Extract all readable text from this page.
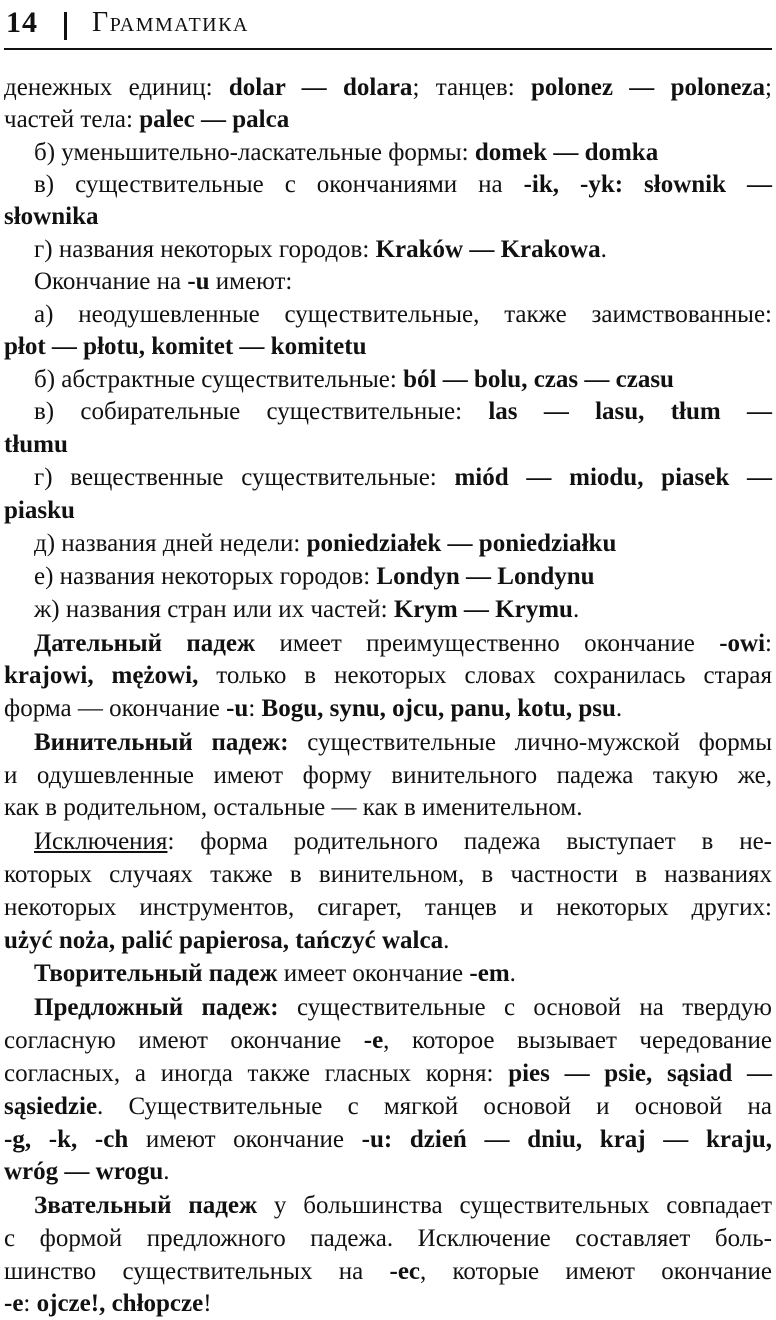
14 Грамматика
денежных единиц: dolar — dolara; танцев: polonez — poloneza;
частей тела: palec — palca
б) уменьшительно-ласкательные формы: domek — domka
в) существительные с окончаниями на -ik, -yk: słownik —
słownika
г) названия некоторых городов: Kraków — Krakowa.
Окончание на -u имеют:
а) неодушевленные существительные, также заимствованные:
płot — płotu, komitet — komitetu
б) абстрактные существительные: ból — bolu, czas — czasu
в) собирательные существительные: las — lasu, tłum —
tłumu
г) вещественные существительные: miód — miodu, piasek —
piasku
д) названия дней недели: poniedziałek — poniedziałku
е) названия некоторых городов: Londyn — Londynu
ж) названия стран или их частей: Krym — Krymu.
Дательный падеж имеет преимущественно окончание -owi:
krajowi, mężowi, только в некоторых словах сохранилась старая
форма — окончание -u: Bogu, synu, ojcu, panu, kotu, psu.
Винительный падеж: существительные лично-мужской формы
и одушевленные имеют форму винительного падежа такую же,
как в родительном, остальные — как в именительном.
Исключения: форма родительного падежа выступает в не-
которых случаях также в винительном, в частности в названиях
некоторых инструментов, сигарет, танцев и некоторых других:
użyć noża, palić papierosa, tańczyć walca.
Творительный падеж имеет окончание -em.
Предложный падеж: существительные с основой на твердую
согласную имеют окончание -e, которое вызывает чередование
согласных, а иногда также гласных корня: pies — psie, sąsiad —
sąsiedzie. Существительные с мягкой основой и основой на
-g, -k, -ch имеют окончание -u: dzień — dniu, kraj — kraju,
wróg — wrogu.
Звательный падеж у большинства существительных совпадает
с формой предложного падежа. Исключение составляет боль-
шинство существительных на -ec, которые имеют окончание
-e: ojcze!, chłopcze!
